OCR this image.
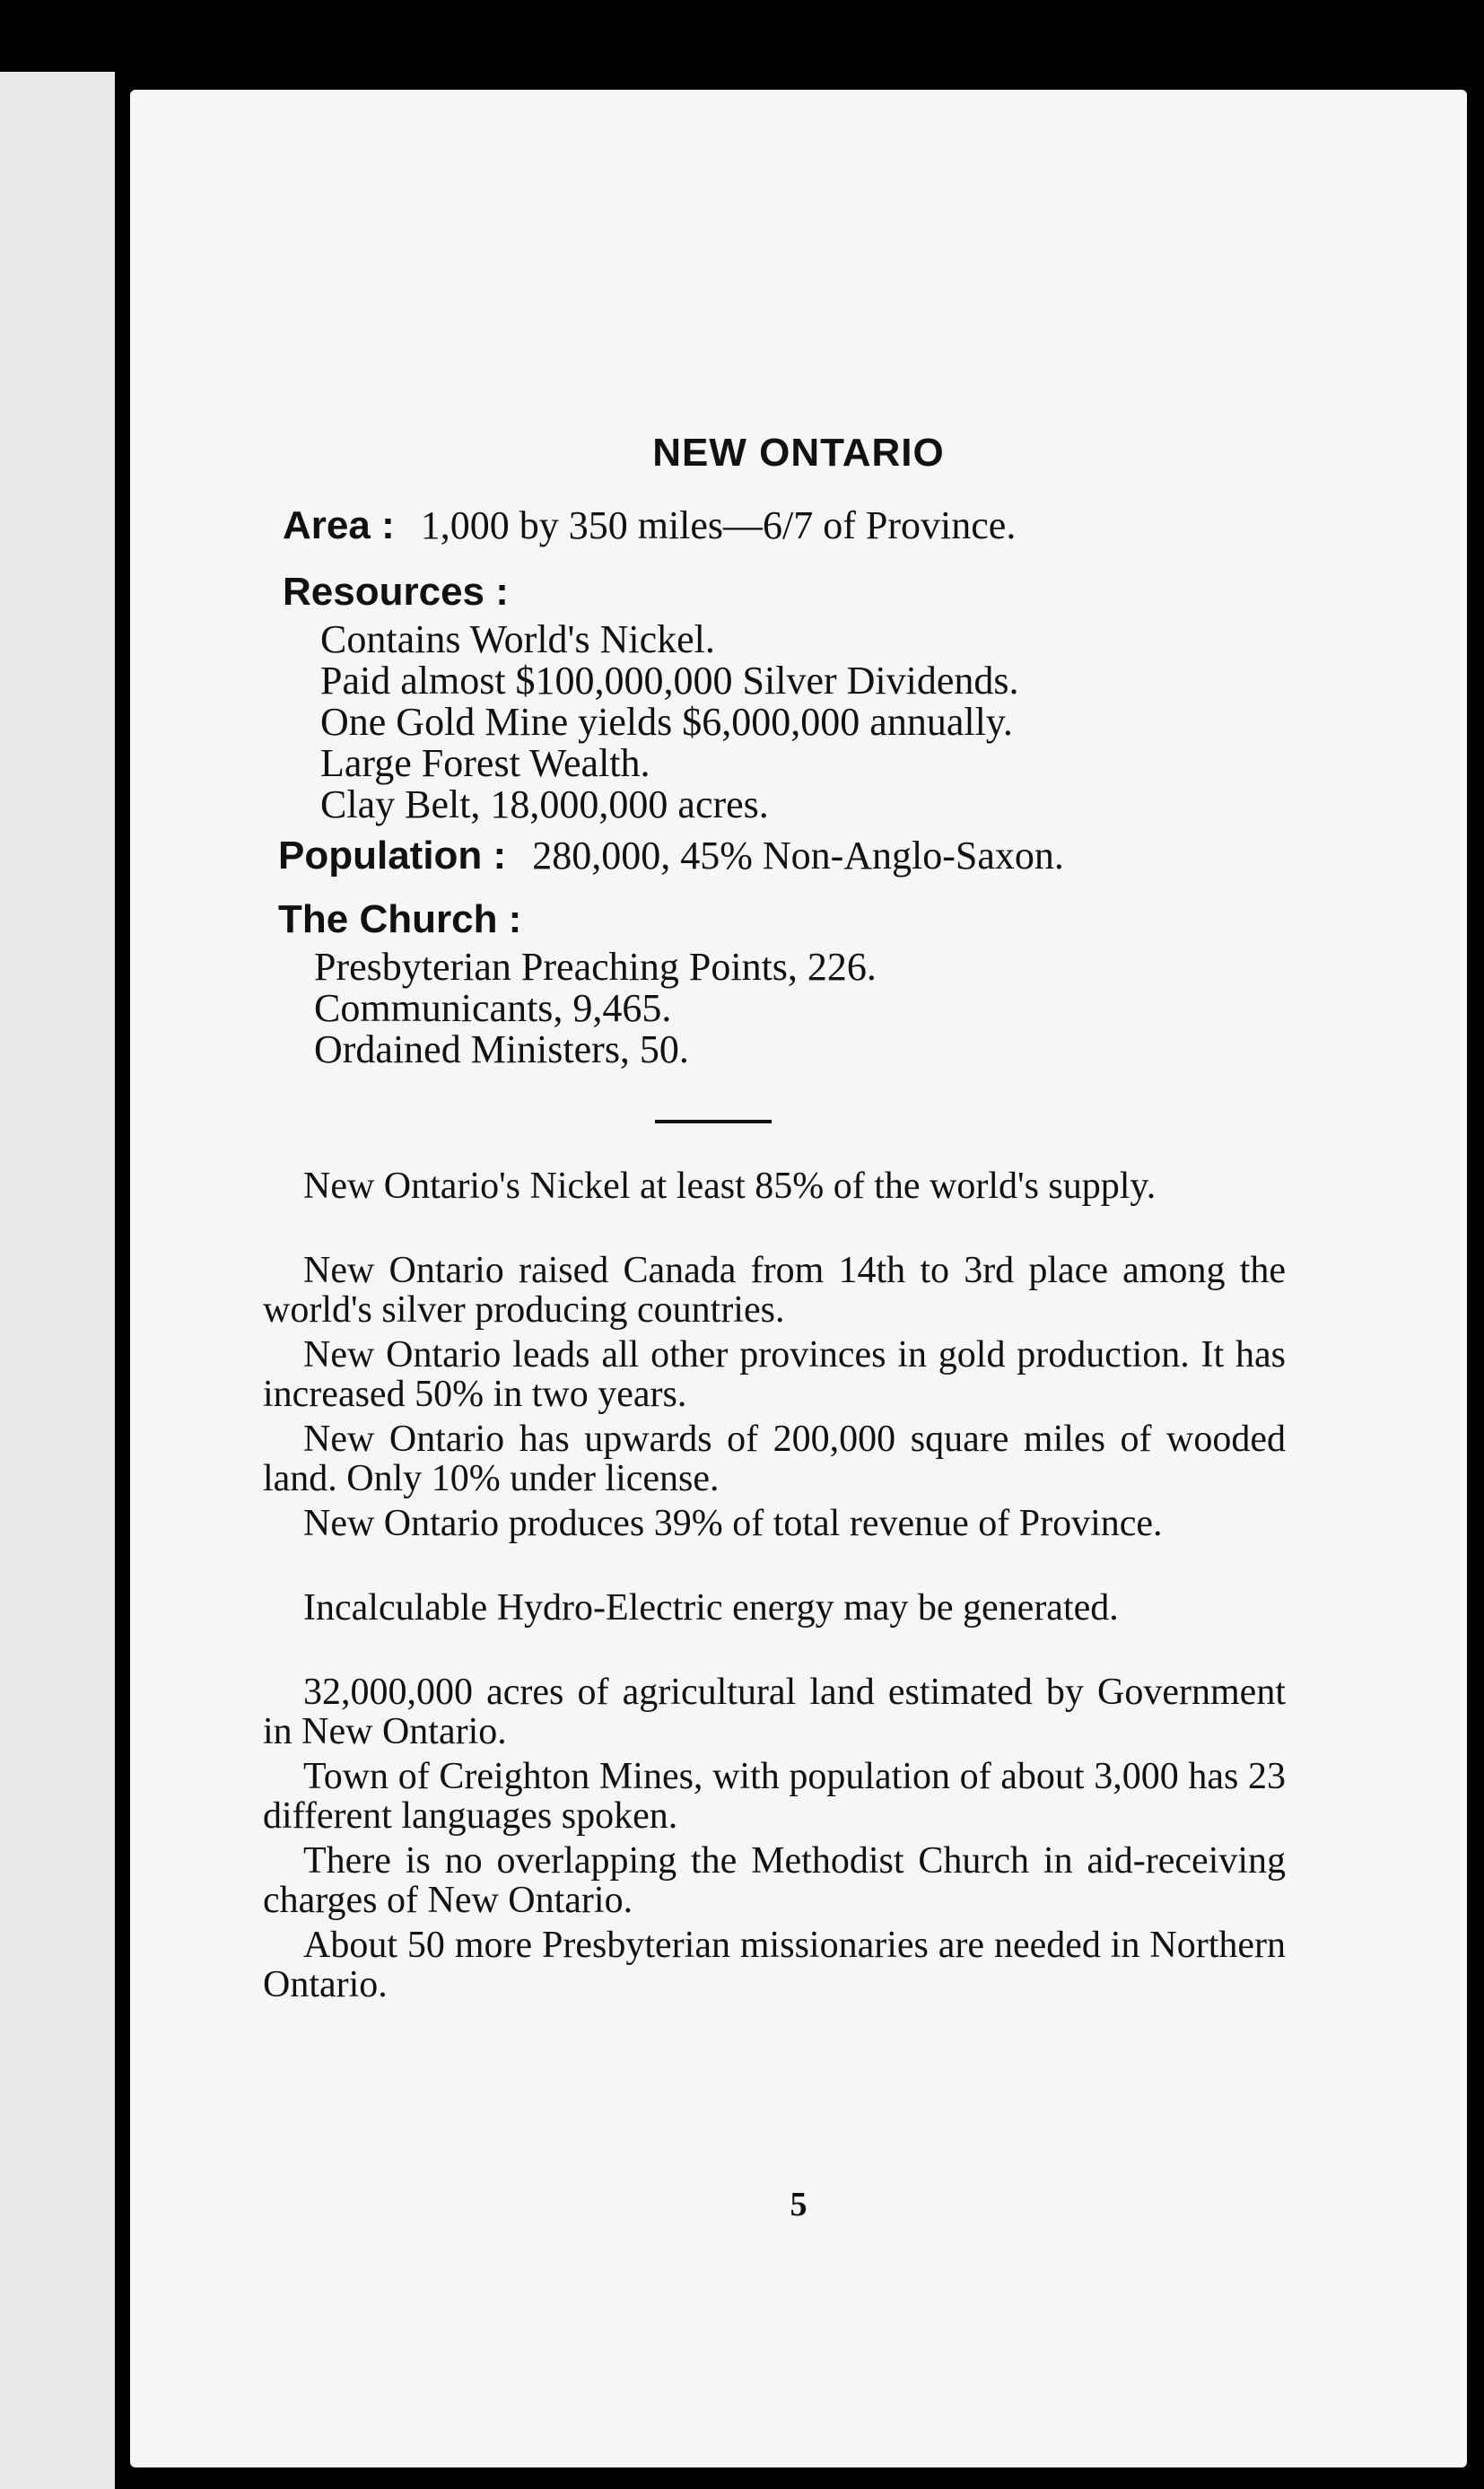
NEW ONTARIO
Area : 1,000 by 350 miles—6/7 of Province.
Resources :
Contains World's Nickel.
Paid almost $100,000,000 Silver Dividends.
One Gold Mine yields $6,000,000 annually.
Large Forest Wealth.
Clay Belt, 18,000,000 acres.
Population : 280,000, 45% Non-Anglo-Saxon.
The Church :
Presbyterian Preaching Points, 226.
Communicants, 9,465.
Ordained Ministers, 50.
New Ontario's Nickel at least 85% of the world's supply.
New Ontario raised Canada from 14th to 3rd place among the world's silver producing countries.
New Ontario leads all other provinces in gold production. It has increased 50% in two years.
New Ontario has upwards of 200,000 square miles of wooded land. Only 10% under license.
New Ontario produces 39% of total revenue of Province.
Incalculable Hydro-Electric energy may be generated.
32,000,000 acres of agricultural land estimated by Government in New Ontario.
Town of Creighton Mines, with population of about 3,000 has 23 different languages spoken.
There is no overlapping the Methodist Church in aid-receiving charges of New Ontario.
About 50 more Presbyterian missionaries are needed in Northern Ontario.
5
